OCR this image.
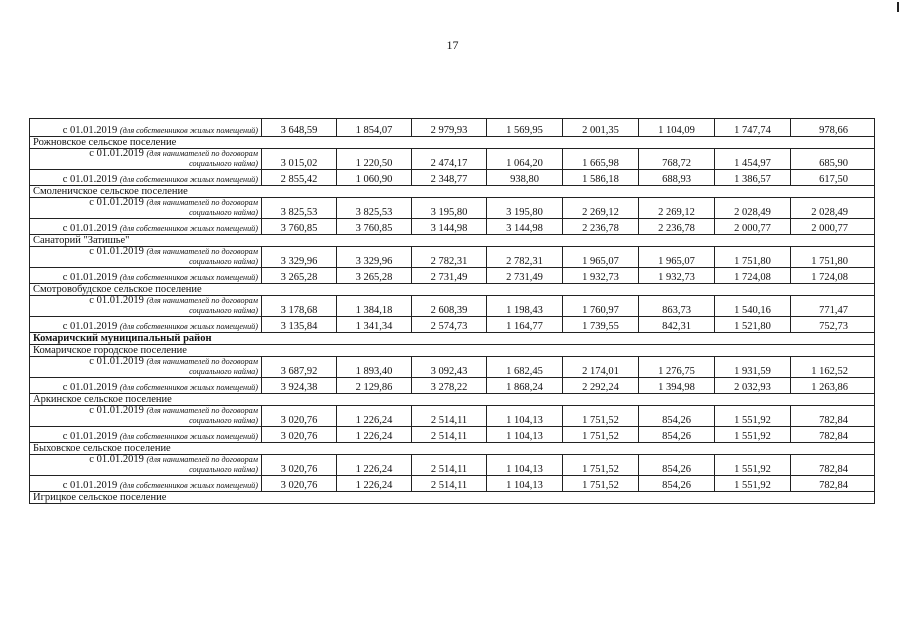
17
с 01.01.2019 (для собственников жилых помещений)	3 648,59	1 854,07	2 979,93	1 569,95	2 001,35	1 104,09	1 747,74	978,66
Рожновское сельское поселение								

с 01.01.2019 (для нанимателей по договорам
социального найма)	3 015,02	1 220,50	2 474,17	1 064,20	1 665,98	768,72	1 454,97	685,90
с 01.01.2019 (для собственников жилых помещений)	2 855,42	1 060,90	2 348,77	938,80	1 586,18	688,93	1 386,57	617,50
Смоленичское сельское поселение								

с 01.01.2019 (для нанимателей по договорам
социального найма)	3 825,53	3 825,53	3 195,80	3 195,80	2 269,12	2 269,12	2 028,49	2 028,49
с 01.01.2019 (для собственников жилых помещений)	3 760,85	3 760,85	3 144,98	3 144,98	2 236,78	2 236,78	2 000,77	2 000,77
Санаторий "Затишье"								

с 01.01.2019 (для нанимателей по договорам
социального найма)	3 329,96	3 329,96	2 782,31	2 782,31	1 965,07	1 965,07	1 751,80	1 751,80
с 01.01.2019 (для собственников жилых помещений)	3 265,28	3 265,28	2 731,49	2 731,49	1 932,73	1 932,73	1 724,08	1 724,08
Смотровобудское сельское поселение								

с 01.01.2019 (для нанимателей по договорам
социального найма)	3 178,68	1 384,18	2 608,39	1 198,43	1 760,97	863,73	1 540,16	771,47
с 01.01.2019 (для собственников жилых помещений)	3 135,84	1 341,34	2 574,73	1 164,77	1 739,55	842,31	1 521,80	752,73
Комаричский муниципальный район								
Комаричское городское поселение								

с 01.01.2019 (для нанимателей по договорам
социального найма)	3 687,92	1 893,40	3 092,43	1 682,45	2 174,01	1 276,75	1 931,59	1 162,52
с 01.01.2019 (для собственников жилых помещений)	3 924,38	2 129,86	3 278,22	1 868,24	2 292,24	1 394,98	2 032,93	1 263,86
Аркинское сельское поселение								

с 01.01.2019 (для нанимателей по договорам
социального найма)	3 020,76	1 226,24	2 514,11	1 104,13	1 751,52	854,26	1 551,92	782,84
с 01.01.2019 (для собственников жилых помещений)	3 020,76	1 226,24	2 514,11	1 104,13	1 751,52	854,26	1 551,92	782,84
Быховское сельское поселение								

с 01.01.2019 (для нанимателей по договорам
социального найма)	3 020,76	1 226,24	2 514,11	1 104,13	1 751,52	854,26	1 551,92	782,84
с 01.01.2019 (для собственников жилых помещений)	3 020,76	1 226,24	2 514,11	1 104,13	1 751,52	854,26	1 551,92	782,84
Игрицкое сельское поселение								
